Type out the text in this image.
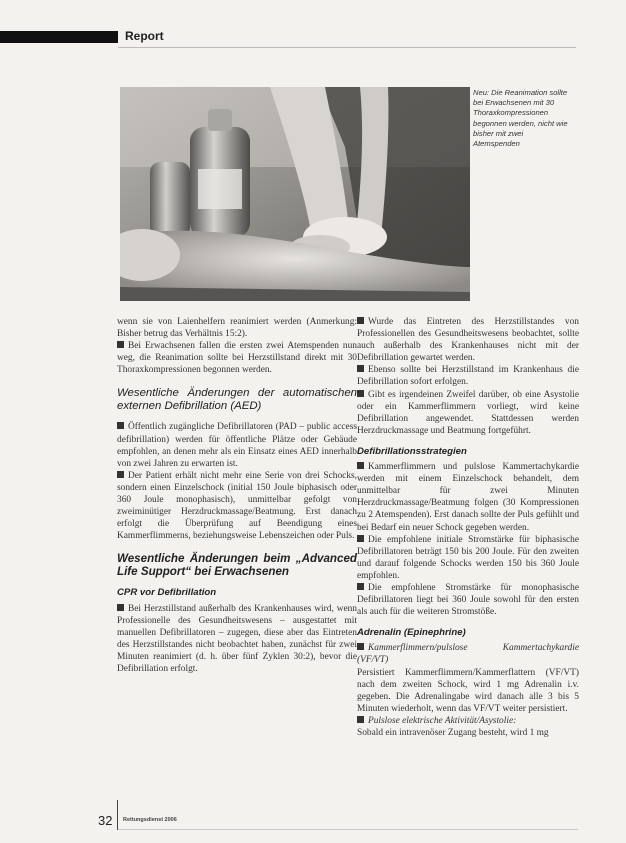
Report
Neu: Die Reanimation sollte bei Erwachsenen mit 30 Thoraxkompressionen begonnen werden, nicht wie bisher mit zwei Atemspenden

wenn sie von Laienhelfern reanimiert werden (Anmerkung: Bisher betrug das Verhältnis 15:2).

Bei Erwachsenen fallen die ersten zwei Atemspenden nun weg, die Reanimation sollte bei Herzstillstand direkt mit 30 Thoraxkompressionen begonnen werden.

Wesentliche Änderungen der automatischen externen Defibrillation (AED)

Öffentlich zugängliche Defibrillatoren (PAD – public access defibrillation) werden für öffentliche Plätze oder Gebäude empfohlen, an denen mehr als ein Einsatz eines AED innerhalb von zwei Jahren zu erwarten ist.

Der Patient erhält nicht mehr eine Serie von drei Schocks, sondern einen Einzelschock (initial 150 Joule biphasisch oder 360 Joule monophasisch), unmittelbar gefolgt von zweiminütiger Herzdruckmassage/Beatmung. Erst danach erfolgt die Überprüfung auf Beendigung eines Kammerflimmerns, beziehungsweise Lebenszeichen oder Puls.

Wesentliche Änderungen beim „Advanced Life Support“ bei Erwachsenen
CPR vor Defibrillation

Bei Herzstillstand außerhalb des Krankenhauses wird, wenn Professionelle des Gesundheitswesens – ausgestattet mit manuellen Defibrillatoren – zugegen, diese aber das Eintreten des Herzstillstandes nicht beobachtet haben, zunächst für zwei Minuten reanimiert (d. h. über fünf Zyklen 30:2), bevor die Defibrillation erfolgt.

Wurde das Eintreten des Herzstillstandes von Professionellen des Gesundheitswesens beobachtet, sollte auch außerhalb des Krankenhauses nicht mit der Defibrillation gewartet werden.

Ebenso sollte bei Herzstillstand im Krankenhaus die Defibrillation sofort erfolgen.

Gibt es irgendeinen Zweifel darüber, ob eine Asystolie oder ein Kammerflimmern vorliegt, wird keine Defibrillation angewendet. Stattdessen werden Herzdruckmassage und Beatmung fortgeführt.

Defibrillationsstrategien

Kammerflimmern und pulslose Kammertachykardie werden mit einem Einzelschock behandelt, dem unmittelbar für zwei Minuten Herzdruckmassage/Beatmung folgen (30 Kompressionen zu 2 Atemspenden). Erst danach sollte der Puls gefühlt und bei Bedarf ein neuer Schock gegeben werden.

Die empfohlene initiale Stromstärke für biphasische Defibrillatoren beträgt 150 bis 200 Joule. Für den zweiten und darauf folgende Schocks werden 150 bis 360 Joule empfohlen.

Die empfohlene Stromstärke für monophasische Defibrillatoren liegt bei 360 Joule sowohl für den ersten als auch für die weiteren Stromstöße.

Adrenalin (Epinephrine)

Kammerflimmern/pulslose Kammertachykardie (VF/VT)

Persistiert Kammerflimmern/Kammerflattern (VF/VT) nach dem zweiten Schock, wird 1 mg Adrenalin i.v. gegeben. Die Adrenalingabe wird danach alle 3 bis 5 Minuten wiederholt, wenn das VF/VT weiter persistiert.

Pulslose elektrische Aktivität/Asystolie:

Sobald ein intravenöser Zugang besteht, wird 1 mg

32 Rettungsdienst 2006
